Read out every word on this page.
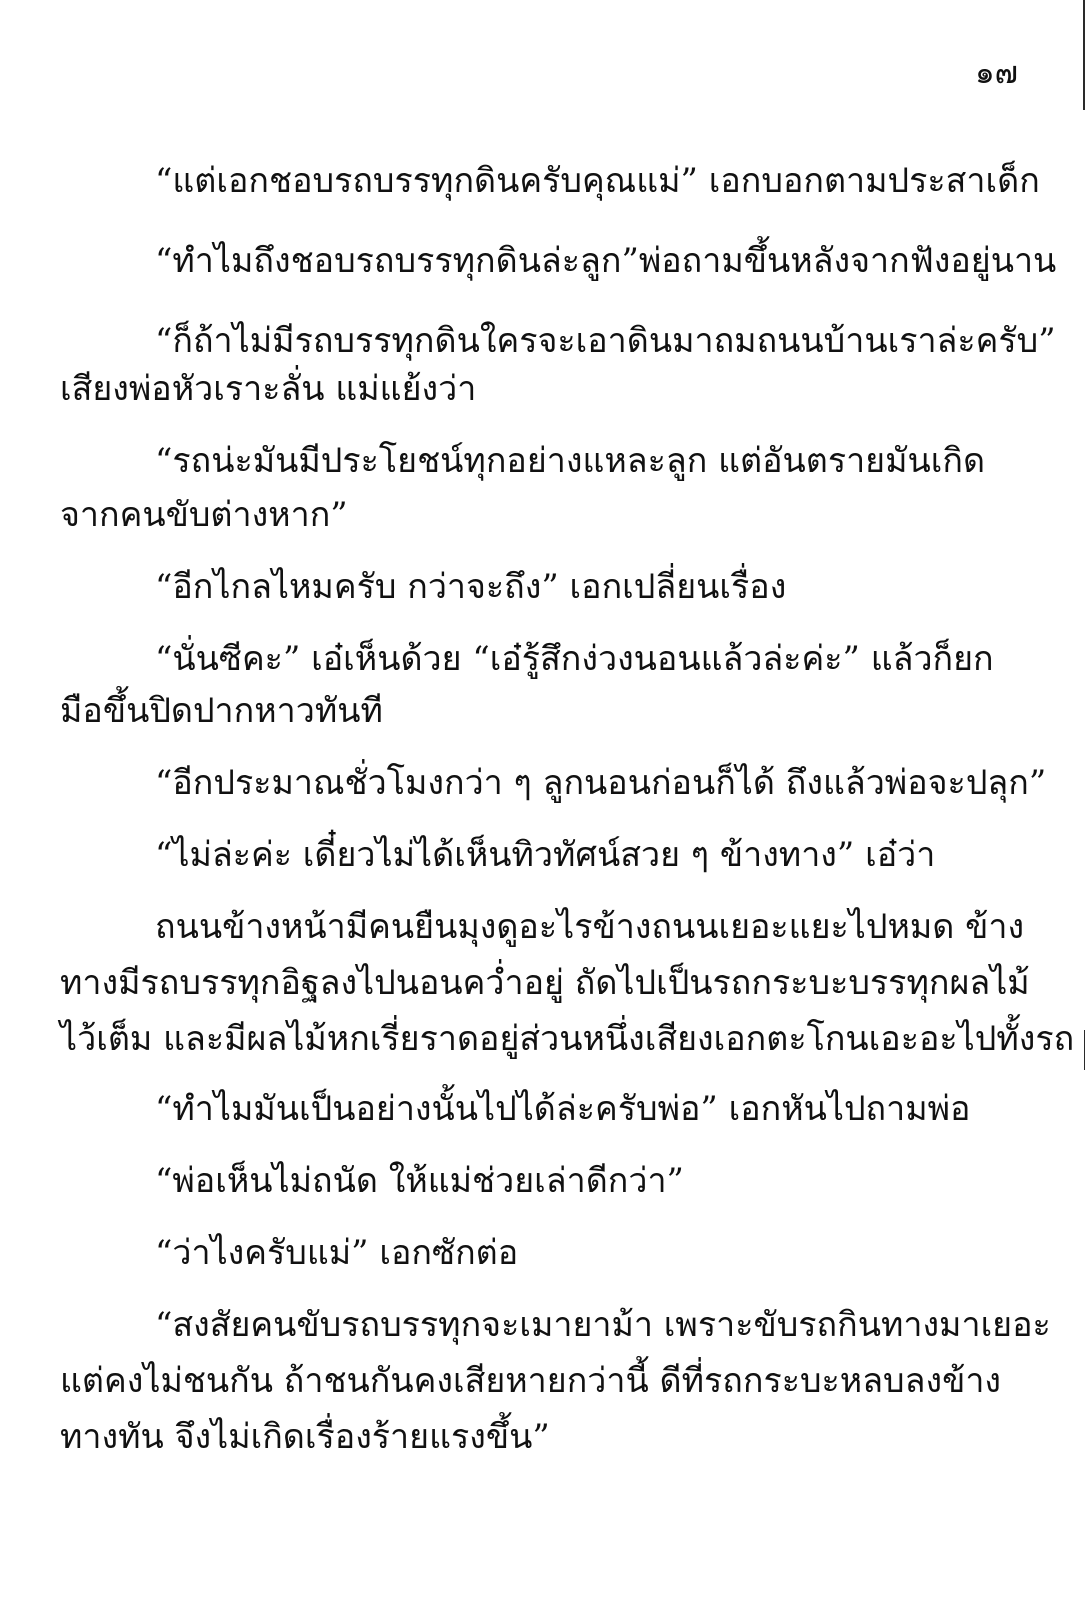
๑๗
“แต่เอกชอบรถบรรทุกดินครับคุณแม่” เอกบอกตามประสาเด็ก
“ทำไมถึงชอบรถบรรทุกดินล่ะลูก”พ่อถามขึ้นหลังจากฟังอยู่นาน
“ก็ถ้าไม่มีรถบรรทุกดินใครจะเอาดินมาถมถนนบ้านเราล่ะครับ”
เสียงพ่อหัวเราะลั่น แม่แย้งว่า
“รถน่ะมันมีประโยชน์ทุกอย่างแหละลูก แต่อันตรายมันเกิด
จากคนขับต่างหาก”
“อีกไกลไหมครับ กว่าจะถึง” เอกเปลี่ยนเรื่อง
“นั่นซีคะ” เอ๋เห็นด้วย “เอ๋รู้สึกง่วงนอนแล้วล่ะค่ะ” แล้วก็ยก
มือขึ้นปิดปากหาวทันที
“อีกประมาณชั่วโมงกว่า ๆ ลูกนอนก่อนก็ได้ ถึงแล้วพ่อจะปลุก”
“ไม่ล่ะค่ะ เดี๋ยวไม่ได้เห็นทิวทัศน์สวย ๆ ข้างทาง” เอ๋ว่า
ถนนข้างหน้ามีคนยืนมุงดูอะไรข้างถนนเยอะแยะไปหมด ข้าง
ทางมีรถบรรทุกอิฐลงไปนอนคว่ำอยู่ ถัดไปเป็นรถกระบะบรรทุกผลไม้
ไว้เต็ม และมีผลไม้หกเรี่ยราดอยู่ส่วนหนึ่งเสียงเอกตะโกนเอะอะไปทั้งรถ
“ทำไมมันเป็นอย่างนั้นไปได้ล่ะครับพ่อ” เอกหันไปถามพ่อ
“พ่อเห็นไม่ถนัด ให้แม่ช่วยเล่าดีกว่า”
“ว่าไงครับแม่” เอกซักต่อ
“สงสัยคนขับรถบรรทุกจะเมายาม้า เพราะขับรถกินทางมาเยอะ
แต่คงไม่ชนกัน ถ้าชนกันคงเสียหายกว่านี้ ดีที่รถกระบะหลบลงข้าง
ทางทัน จึงไม่เกิดเรื่องร้ายแรงขึ้น”
